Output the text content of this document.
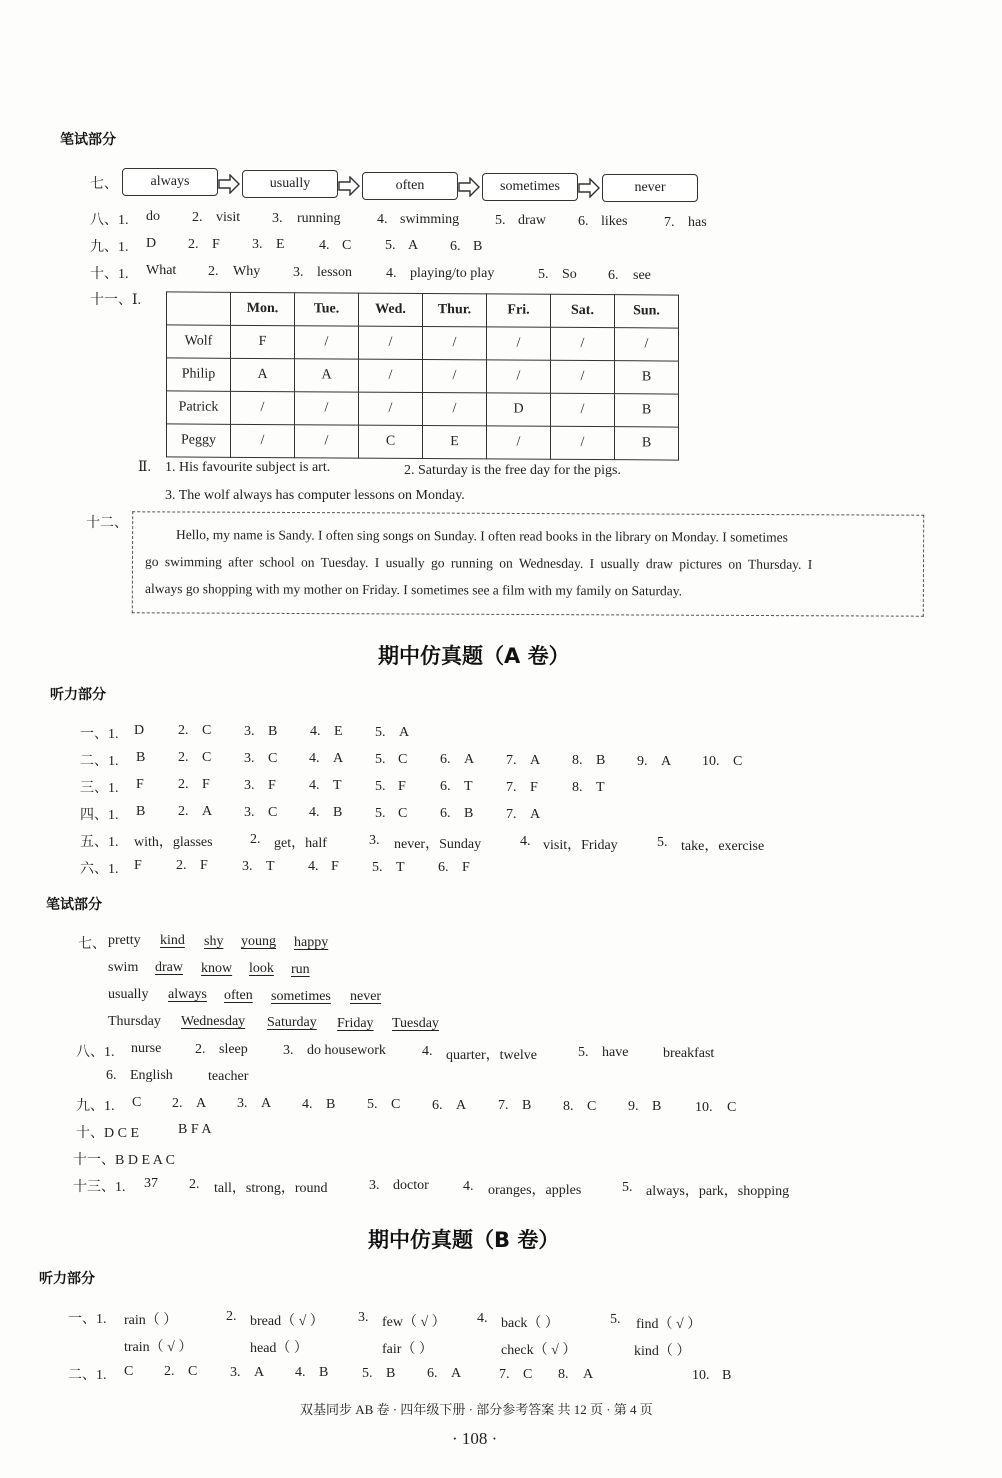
笔试部分
七、	always	usually	often	sometimes	never
八、1. do 2. visit 3. running	4. swimming	5. draw 6. likes	7. has
九、1. D 2. F 3. E 4. C 5. A 6. B
十、1. What 2. Why 3. lesson 4. playing/to play	5. So 6. see
十一、Ⅰ.
	Mon.	Tue.	Wed.	Thur.	Fri.	Sat.	Sun.
Wolf	F	/	/	/	/	/	/
Philip	A	A	/	/	/	/	B
Patrick	/	/	/	/	D	/	B
Peggy	/	/	C	E	/	/	B
Ⅱ. 1. His favourite subject is art.	2. Saturday is the free day for the pigs.
3. The wolf always has computer lessons on Monday.
十二、
Hello, my name is Sandy. I often sing songs on Sunday. I often read books in the library on Monday. I sometimes
go swimming after school on Tuesday. I usually go running on Wednesday. I usually draw pictures on Thursday. I
always go shopping with my mother on Friday. I sometimes see a film with my family on Saturday.
期中仿真题（A 卷）
听力部分
一、1. D 2. C 3. B 4. E 5. A
二、1. B 2. C 3. C 4. A 5. C 6. A 7. A 8. B 9. A 10. C
三、1. F 2. F 3. F 4. T 5. F 6. T 7. F 8. T
四、1. B 2. A 3. C 4. B 5. C 6. B 7. A
五、1. with，glasses	2. get，half	3. never，Sunday	4. visit，Friday	5. take，exercise
六、1. F 2. F 3. T 4. F 5. T 6. F
笔试部分
七、 pretty kind shy young happy
swim draw know look run
usually always often sometimes never
Thursday Wednesday Saturday Friday Tuesday
八、1. nurse 2. sleep	3. do housework	4. quarter，twelve	5. have breakfast
6. English	teacher
九、1. C 2. A 3. A 4. B 5. C 6. A 7. B 8. C 9. B 10. C
十、D C E	B F A
十一、B D E A C
十三、1. 37 2. tall，strong，round	3. doctor 4. oranges，apples	5. always，park，shopping
期中仿真题（B 卷）
听力部分
一、1. rain（ ）	2. bread（ √ ） 3. few（ √ ） 4. back（ ）	5. find（ √ ）
train（ √ ）	head（ ）	fair（ ）	check（ √ ）	kind（ ）
二、1. C 2. C 3. A 4. B 5. B 6. A	7. C 8. A	10. B
双基同步 AB 卷 · 四年级下册 · 部分参考答案 共 12 页 · 第 4 页
· 108 ·
